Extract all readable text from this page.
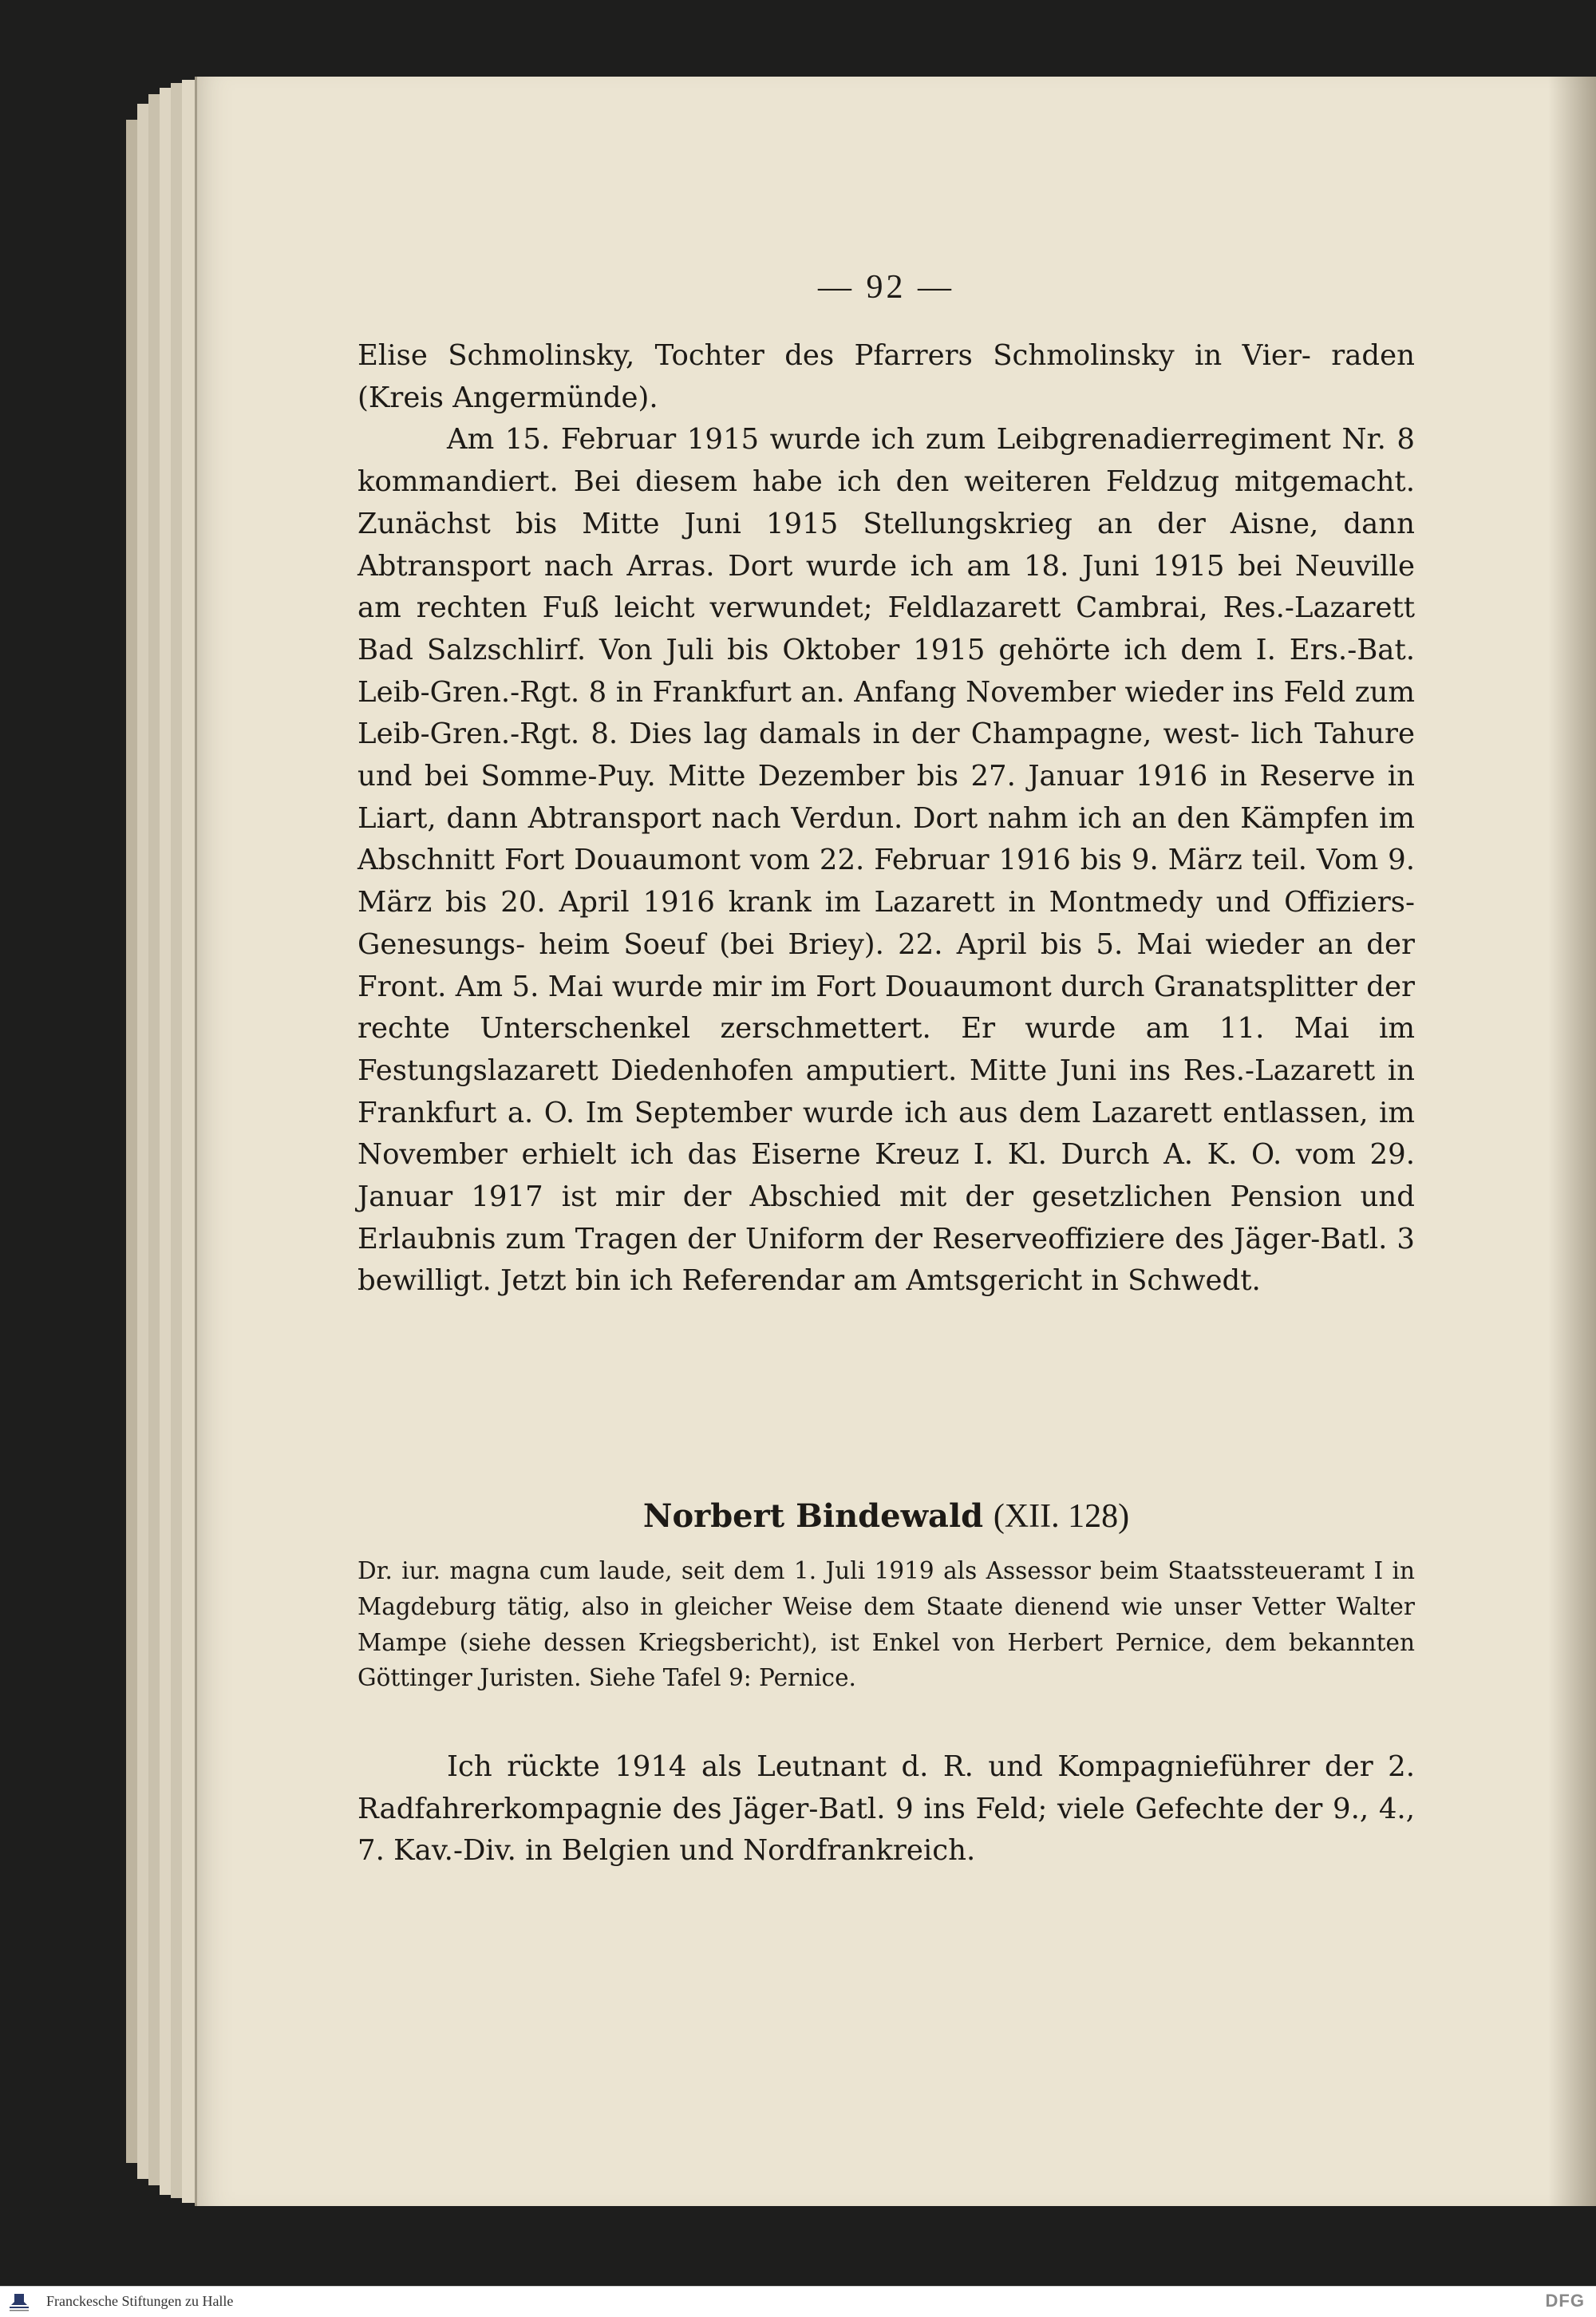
— 92 —

Elise Schmolinsky, Tochter des Pfarrers Schmolinsky in Vier- raden (Kreis Angermünde).

Am 15. Februar 1915 wurde ich zum Leibgrenadierregiment Nr. 8 kommandiert. Bei diesem habe ich den weiteren Feldzug mitgemacht. Zunächst bis Mitte Juni 1915 Stellungskrieg an der Aisne, dann Abtransport nach Arras. Dort wurde ich am 18. Juni 1915 bei Neuville am rechten Fuß leicht verwundet; Feldlazarett Cambrai, Res.-Lazarett Bad Salzschlirf. Von Juli bis Oktober 1915 gehörte ich dem I. Ers.-Bat. Leib-Gren.-Rgt. 8 in Frankfurt an. Anfang November wieder ins Feld zum Leib-Gren.-Rgt. 8. Dies lag damals in der Champagne, west- lich Tahure und bei Somme-Puy. Mitte Dezember bis 27. Januar 1916 in Reserve in Liart, dann Abtransport nach Verdun. Dort nahm ich an den Kämpfen im Abschnitt Fort Douaumont vom 22. Februar 1916 bis 9. März teil. Vom 9. März bis 20. April 1916 krank im Lazarett in Montmedy und Offiziers-Genesungs- heim Soeuf (bei Briey). 22. April bis 5. Mai wieder an der Front. Am 5. Mai wurde mir im Fort Douaumont durch Granatsplitter der rechte Unterschenkel zerschmettert. Er wurde am 11. Mai im Festungslazarett Diedenhofen amputiert. Mitte Juni ins Res.-Lazarett in Frankfurt a. O. Im September wurde ich aus dem Lazarett entlassen, im November erhielt ich das Eiserne Kreuz I. Kl. Durch A. K. O. vom 29. Januar 1917 ist mir der Abschied mit der gesetzlichen Pension und Erlaubnis zum Tragen der Uniform der Reserveoffiziere des Jäger-Batl. 3 bewilligt. Jetzt bin ich Referendar am Amtsgericht in Schwedt.

Norbert Bindewald (XII. 128)

Dr. iur. magna cum laude, seit dem 1. Juli 1919 als Assessor beim Staatssteueramt I in Magdeburg tätig, also in gleicher Weise dem Staate dienend wie unser Vetter Walter Mampe (siehe dessen Kriegsbericht), ist Enkel von Herbert Pernice, dem bekannten Göttinger Juristen. Siehe Tafel 9: Pernice.

Ich rückte 1914 als Leutnant d. R. und Kompagnieführer der 2. Radfahrerkompagnie des Jäger-Batl. 9 ins Feld; viele Gefechte der 9., 4., 7. Kav.-Div. in Belgien und Nordfrankreich.

Franckesche Stiftungen zu Halle	DFG
